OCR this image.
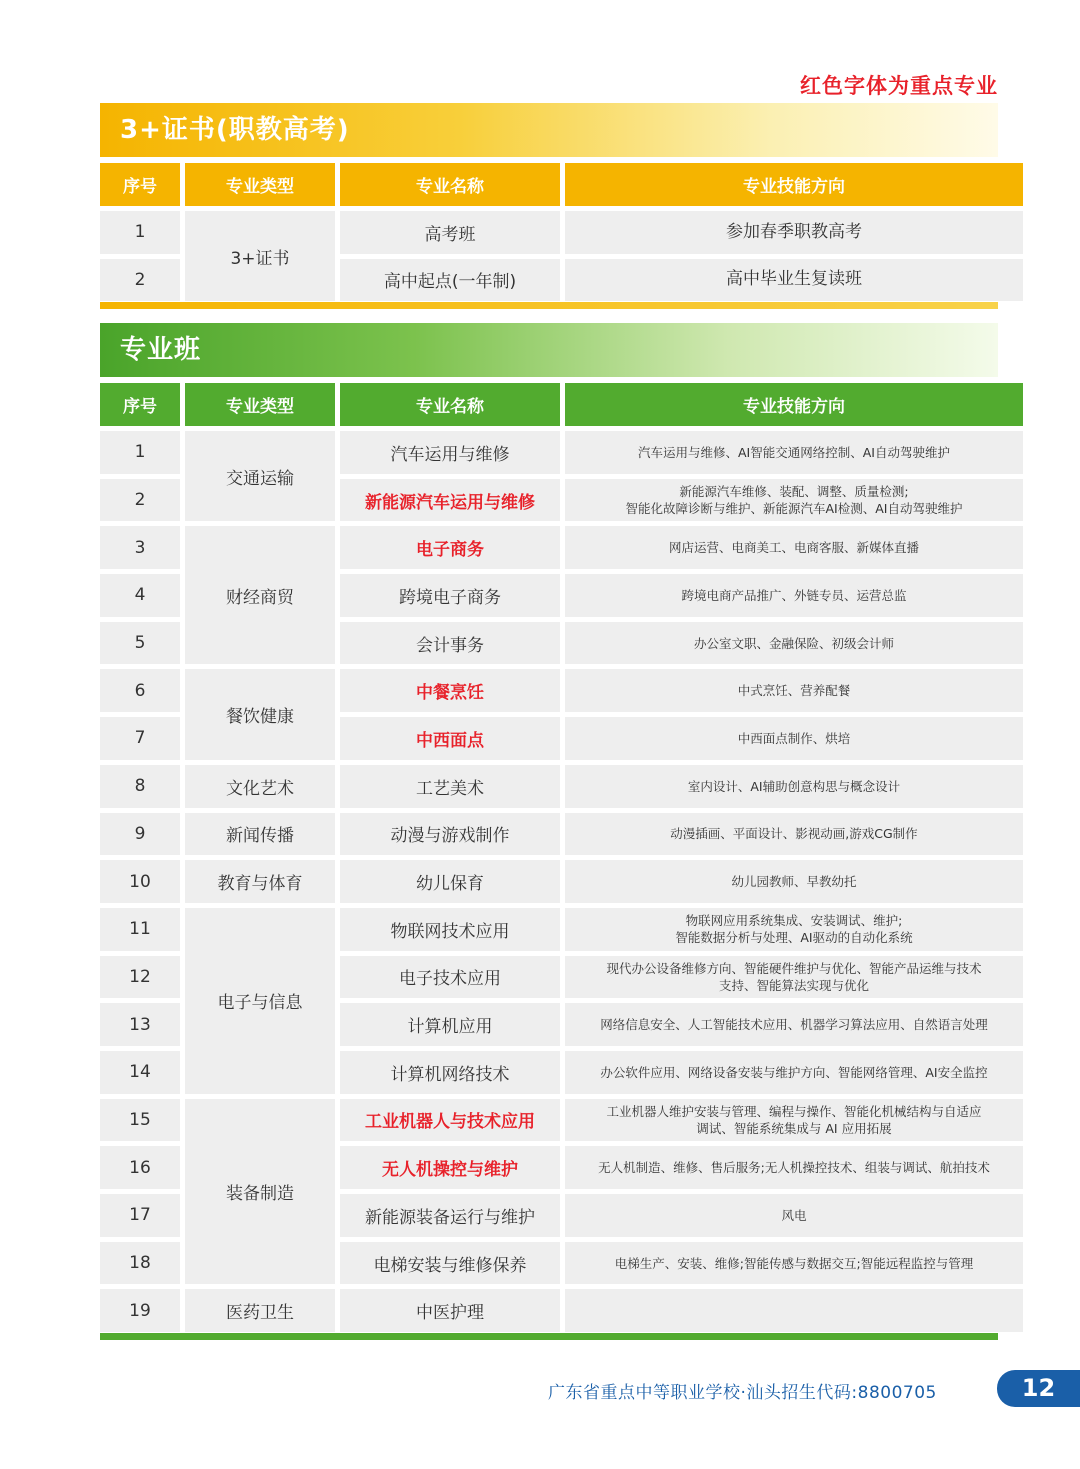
红色字体为重点专业
3+证书(职教高考)
序号	专业类型	专业名称	专业技能方向
1	3+证书	高考班	参加春季职教高考
2		高中起点(一年制)	高中毕业生复读班
专业班
序号	专业类型	专业名称	专业技能方向
1	交通运输	汽车运用与维修	汽车运用与维修、AI智能交通网络控制、AI自动驾驶维护
2		新能源汽车运用与维修	新能源汽车维修、装配、调整、质量检测;
智能化故障诊断与维护、新能源汽车AI检测、AI自动驾驶维护

3	财经商贸	电子商务	网店运营、电商美工、电商客服、新媒体直播
4		跨境电子商务	跨境电商产品推广、外链专员、运营总监
5		会计事务	办公室文职、金融保险、初级会计师
6	餐饮健康	中餐烹饪	中式烹饪、营养配餐
7		中西面点	中西面点制作、烘培
8	文化艺术	工艺美术	室内设计、AI辅助创意构思与概念设计
9	新闻传播	动漫与游戏制作	动漫插画、平面设计、影视动画,游戏CG制作
10	教育与体育	幼儿保育	幼儿园教师、早教幼托
11	电子与信息	物联网技术应用	物联网应用系统集成、安装调试、维护;
智能数据分析与处理、AI驱动的自动化系统

12		电子技术应用	现代办公设备维修方向、智能硬件维护与优化、智能产品运维与技术
支持、智能算法实现与优化

13		计算机应用	网络信息安全、人工智能技术应用、机器学习算法应用、自然语言处理
14		计算机网络技术	办公软件应用、网络设备安装与维护方向、智能网络管理、AI安全监控
15	装备制造	工业机器人与技术应用	工业机器人维护安装与管理、编程与操作、智能化机械结构与自适应
调试、智能系统集成与 AI 应用拓展

16		无人机操控与维护	无人机制造、维修、售后服务;无人机操控技术、组装与调试、航拍技术
17		新能源装备运行与维护	风电
18		电梯安装与维修保养	电梯生产、安装、维修;智能传感与数据交互;智能远程监控与管理
19	医药卫生	中医护理	
广东省重点中等职业学校·汕头招生代码:8800705	12
